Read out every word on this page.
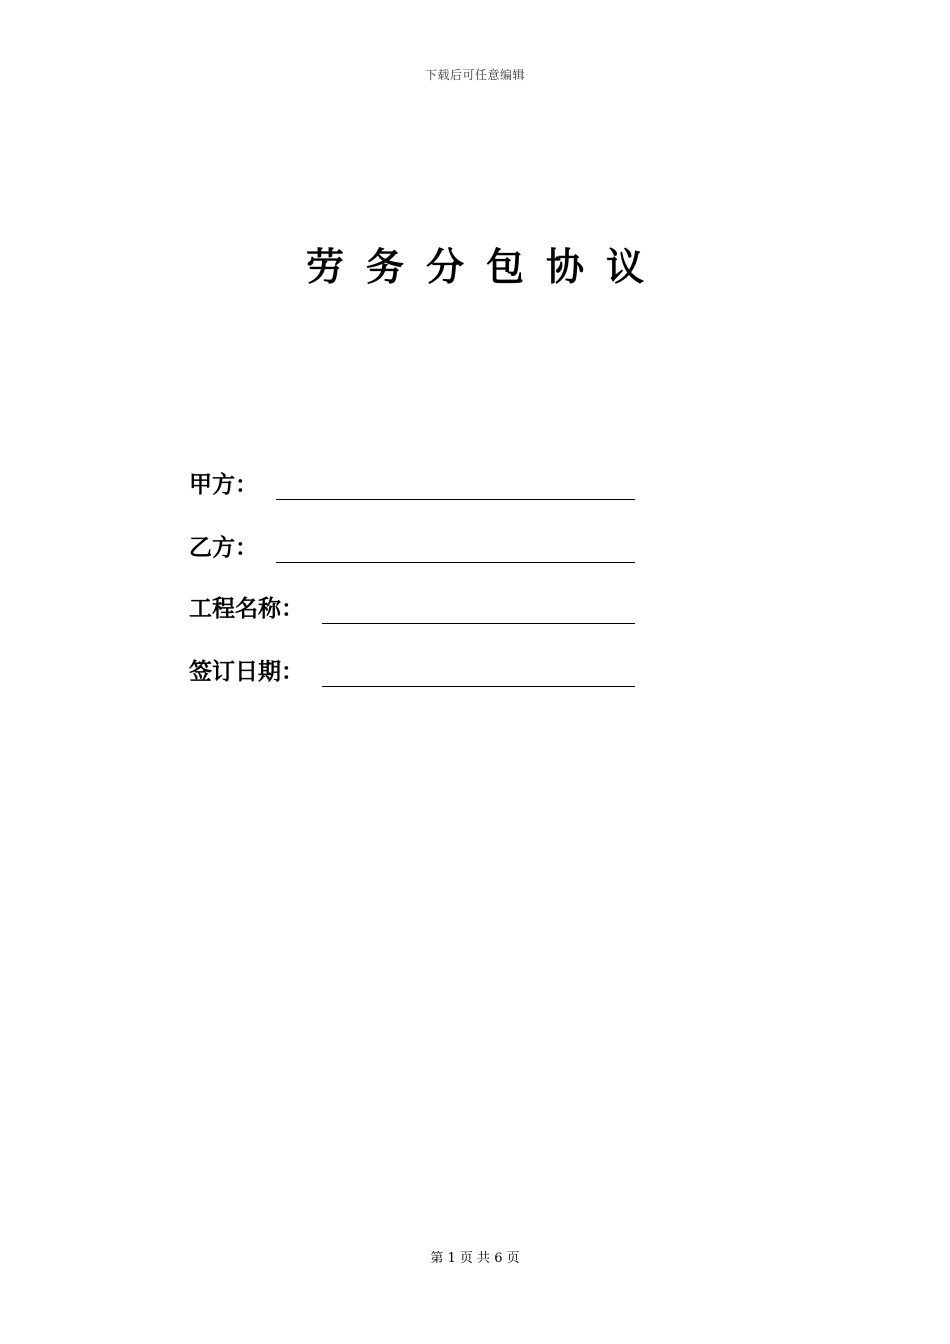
下载后可任意编辑
劳务分包协议
甲方：
乙方：
工程名称：
签订日期：
第 1 页 共 6 页
